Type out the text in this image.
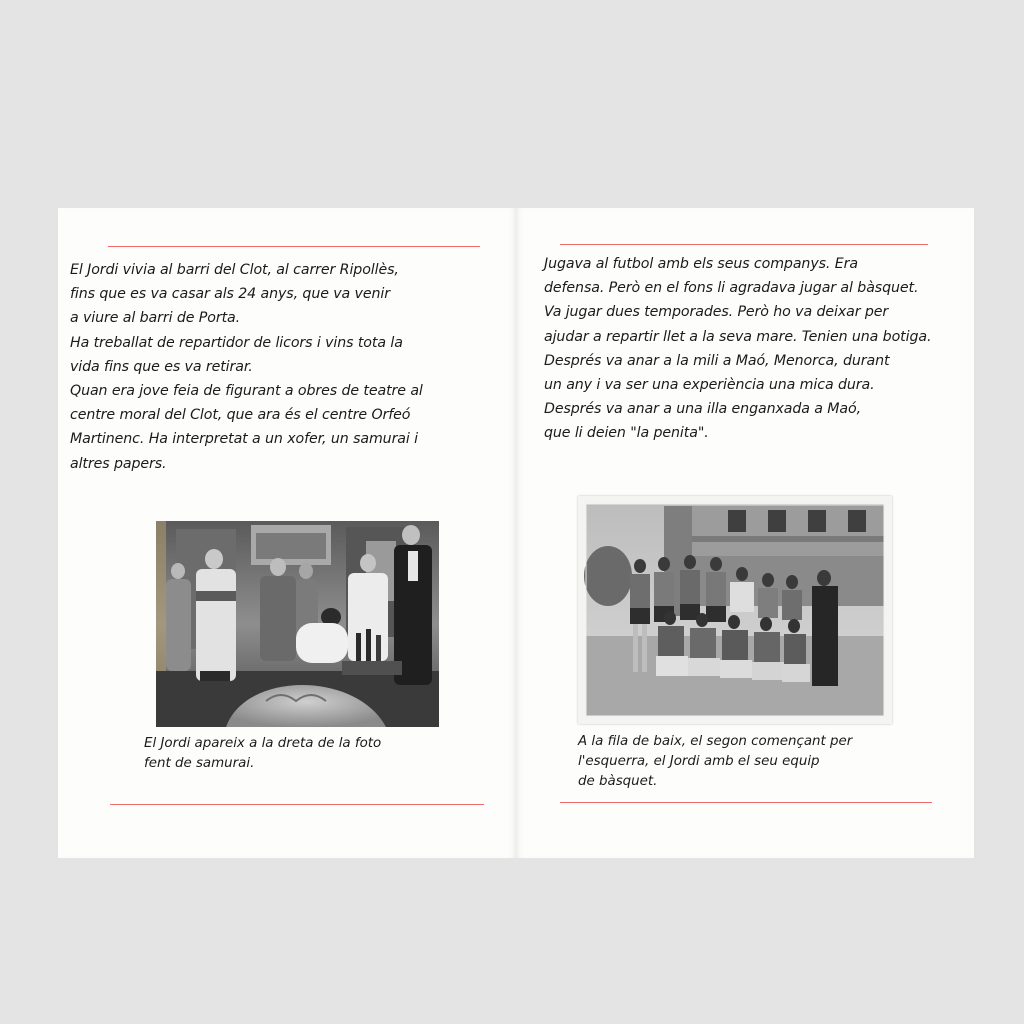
El Jordi vivia al barri del Clot, al carrer Ripollès,
fins que es va casar als 24 anys, que va venir
a viure al barri de Porta.
Ha treballat de repartidor de licors i vins tota la
vida fins que es va retirar.
Quan era jove feia de figurant a obres de teatre al
centre moral del Clot, que ara és el centre Orfeó
Martinenc. Ha interpretat a un xofer, un samurai i
altres papers.
El Jordi apareix a la dreta de la foto
fent de samurai.
Jugava al futbol amb els seus companys. Era
defensa. Però en el fons li agradava jugar al bàsquet.
Va jugar dues temporades. Però ho va deixar per
ajudar a repartir llet a la seva mare. Tenien una botiga.
Després va anar a la mili a Maó, Menorca, durant
un any i va ser una experiència una mica dura.
Després va anar a una illa enganxada a Maó,
que li deien "la penita".
A la fila de baix, el segon començant per
l'esquerra, el Jordi amb el seu equip
de bàsquet.
